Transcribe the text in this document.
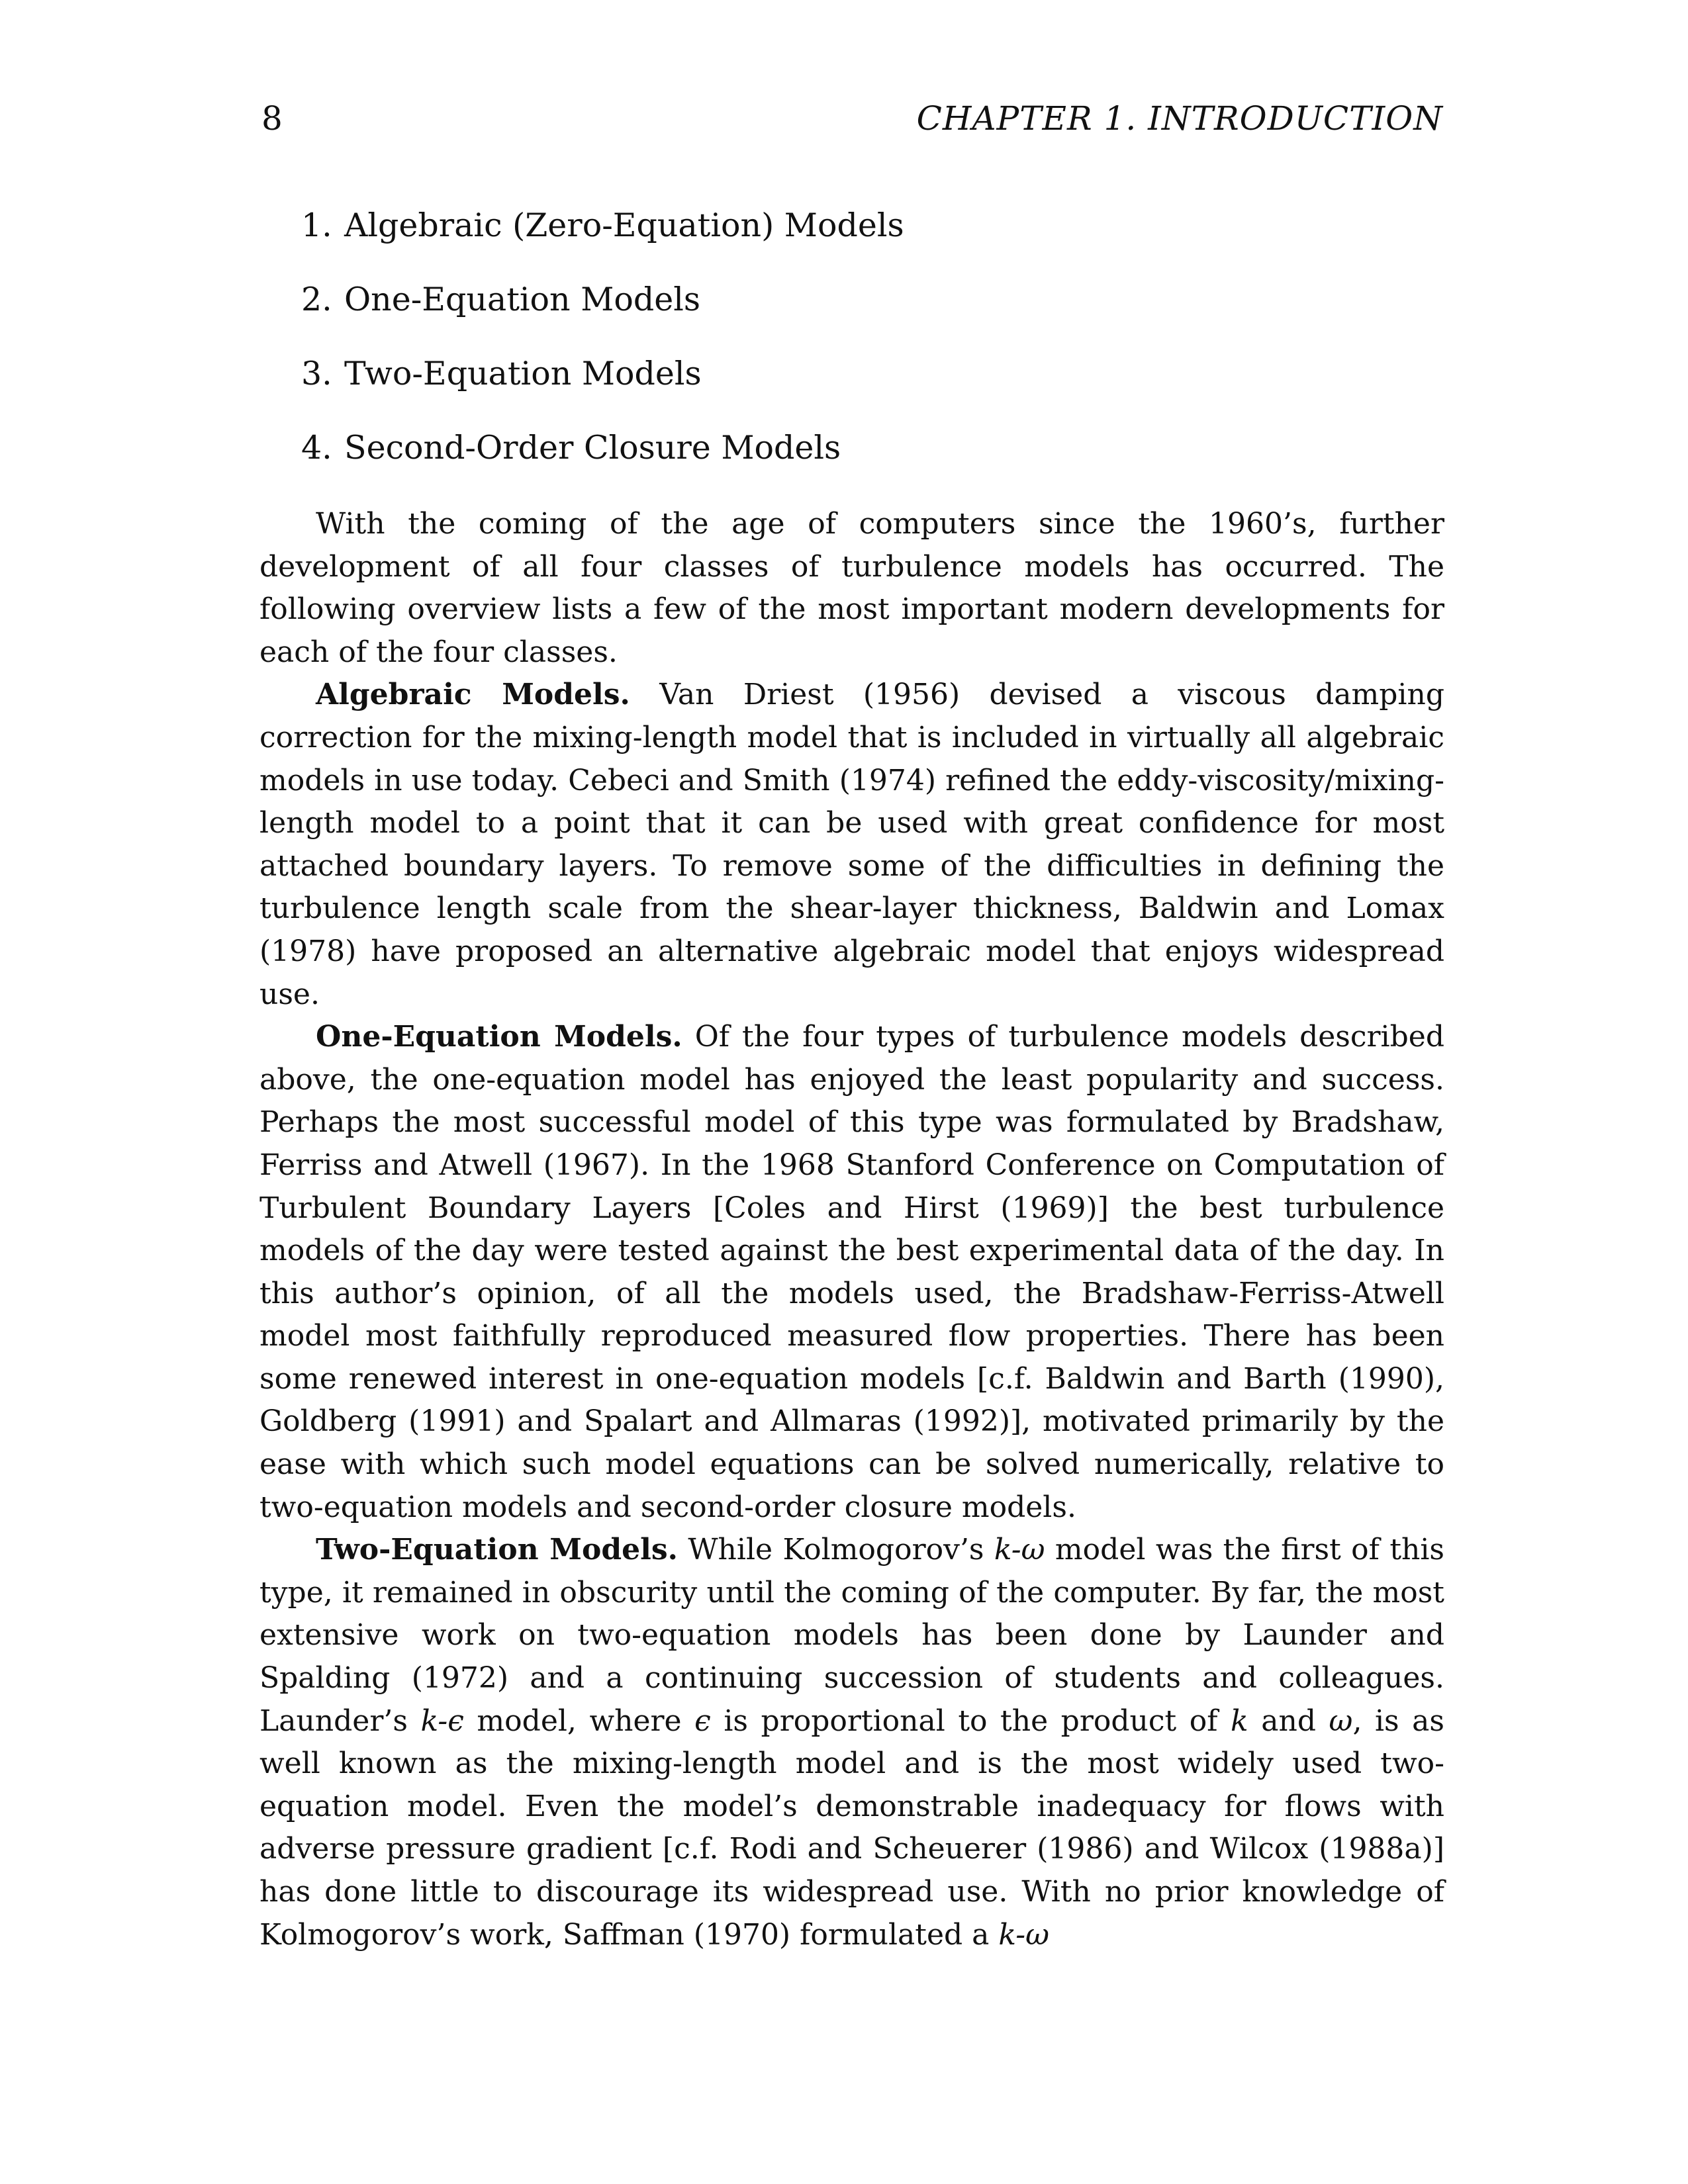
8	CHAPTER 1. INTRODUCTION
1. Algebraic (Zero-Equation) Models
2. One-Equation Models
3. Two-Equation Models
4. Second-Order Closure Models

With the coming of the age of computers since the 1960’s, further development of all four classes of turbulence models has occurred. The following overview lists a few of the most important modern developments for each of the four classes.

Algebraic Models. Van Driest (1956) devised a viscous damping correction for the mixing-length model that is included in virtually all algebraic models in use today. Cebeci and Smith (1974) refined the eddy-viscosity/mixing-length model to a point that it can be used with great confidence for most attached boundary layers. To remove some of the difficulties in defining the turbulence length scale from the shear-layer thickness, Baldwin and Lomax (1978) have proposed an alternative algebraic model that enjoys widespread use.

One-Equation Models. Of the four types of turbulence models described above, the one-equation model has enjoyed the least popularity and success. Perhaps the most successful model of this type was formulated by Bradshaw, Ferriss and Atwell (1967). In the 1968 Stanford Conference on Computation of Turbulent Boundary Layers [Coles and Hirst (1969)] the best turbulence models of the day were tested against the best experimental data of the day. In this author’s opinion, of all the models used, the Bradshaw-Ferriss-Atwell model most faithfully reproduced measured flow properties. There has been some renewed interest in one-equation models [c.f. Baldwin and Barth (1990), Goldberg (1991) and Spalart and Allmaras (1992)], motivated primarily by the ease with which such model equations can be solved numerically, relative to two-equation models and second-order closure models.

Two-Equation Models. While Kolmogorov’s k-ω model was the first of this type, it remained in obscurity until the coming of the computer. By far, the most extensive work on two-equation models has been done by Launder and Spalding (1972) and a continuing succession of students and colleagues. Launder’s k-ϵ model, where ϵ is proportional to the product of k and ω, is as well known as the mixing-length model and is the most widely used two-equation model. Even the model’s demonstrable inadequacy for flows with adverse pressure gradient [c.f. Rodi and Scheuerer (1986) and Wilcox (1988a)] has done little to discourage its widespread use. With no prior knowledge of Kolmogorov’s work, Saffman (1970) formulated a k-ω
